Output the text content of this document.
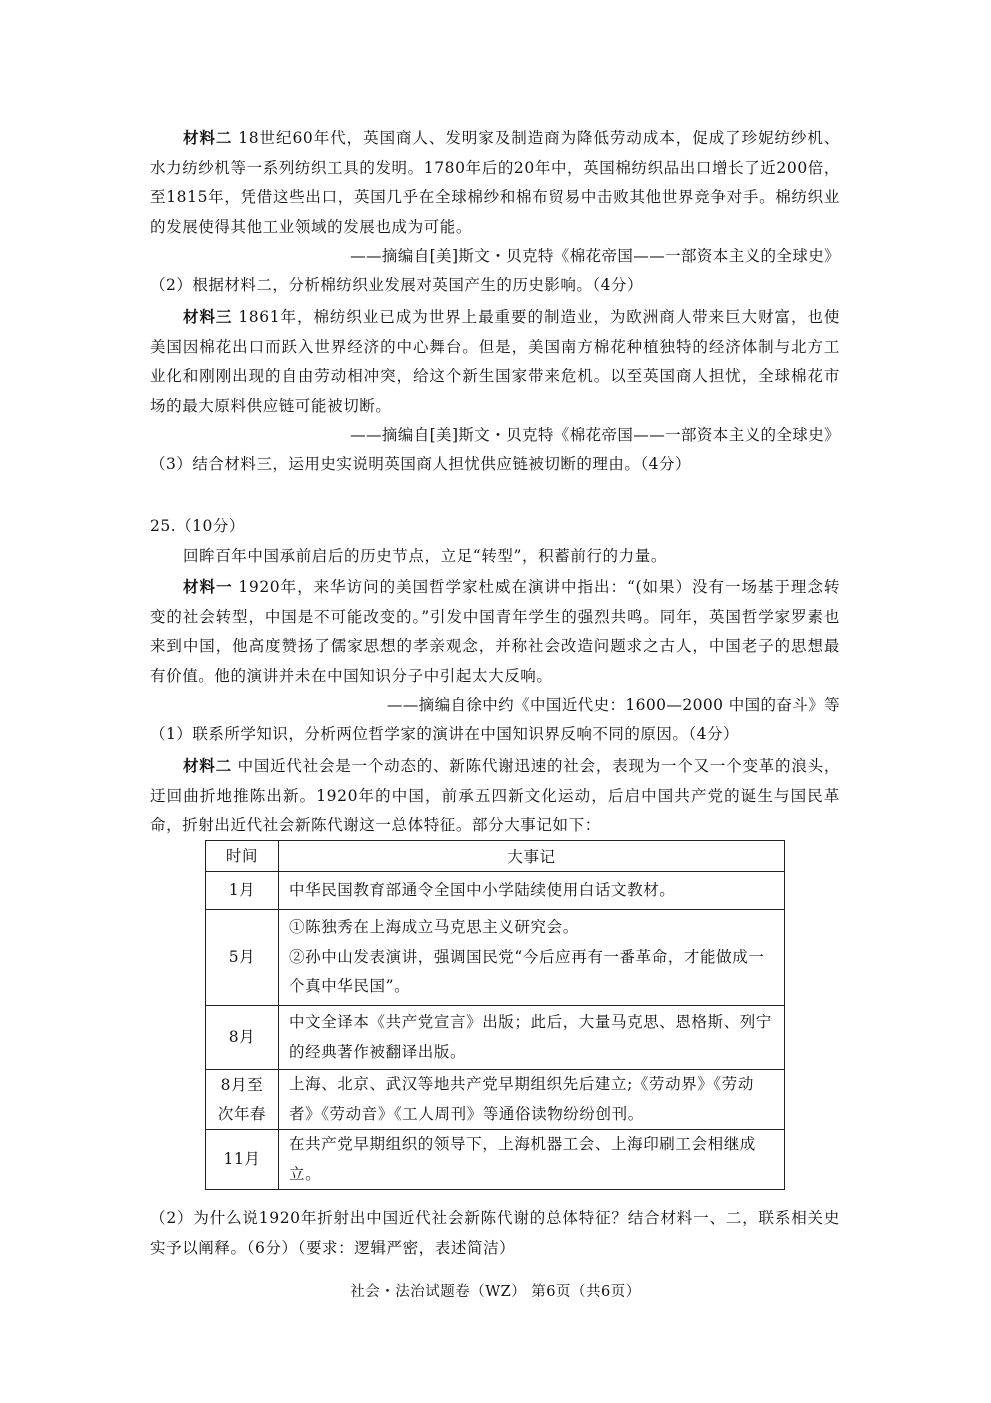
材料二 18世纪60年代，英国商人、发明家及制造商为降低劳动成本，促成了珍妮纺纱机、水力纺纱机等一系列纺织工具的发明。1780年后的20年中，英国棉纺织品出口增长了近200倍，至1815年，凭借这些出口，英国几乎在全球棉纱和棉布贸易中击败其他世界竞争对手。棉纺织业的发展使得其他工业领域的发展也成为可能。
——摘编自[美]斯文・贝克特《棉花帝国——一部资本主义的全球史》
（2）根据材料二，分析棉纺织业发展对英国产生的历史影响。（4分）
材料三 1861年，棉纺织业已成为世界上最重要的制造业，为欧洲商人带来巨大财富，也使美国因棉花出口而跃入世界经济的中心舞台。但是，美国南方棉花种植独特的经济体制与北方工业化和刚刚出现的自由劳动相冲突，给这个新生国家带来危机。以至英国商人担忧，全球棉花市场的最大原料供应链可能被切断。
——摘编自[美]斯文・贝克特《棉花帝国——一部资本主义的全球史》
（3）结合材料三，运用史实说明英国商人担忧供应链被切断的理由。（4分）
25.（10分）
回眸百年中国承前启后的历史节点，立足“转型”，积蓄前行的力量。
材料一 1920年，来华访问的美国哲学家杜威在演讲中指出：“(如果）没有一场基于理念转变的社会转型，中国是不可能改变的。”引发中国青年学生的强烈共鸣。同年，英国哲学家罗素也来到中国，他高度赞扬了儒家思想的孝亲观念，并称社会改造问题求之古人，中国老子的思想最有价值。他的演讲并未在中国知识分子中引起太大反响。
——摘编自徐中约《中国近代史：1600—2000 中国的奋斗》等
（1）联系所学知识，分析两位哲学家的演讲在中国知识界反响不同的原因。（4分）
材料二 中国近代社会是一个动态的、新陈代谢迅速的社会，表现为一个又一个变革的浪头，迂回曲折地推陈出新。1920年的中国，前承五四新文化运动，后启中国共产党的诞生与国民革命，折射出近代社会新陈代谢这一总体特征。部分大事记如下：
时间	大事记
1月	中华民国教育部通令全国中小学陆续使用白话文教材。

5月	①陈独秀在上海成立马克思主义研究会。
②孙中山发表演讲，强调国民党“今后应再有一番革命，才能做成一个真中华民国”。

8月	中文全译本《共产党宣言》出版；此后，大量马克思、恩格斯、列宁的经典著作被翻译出版。

8月至次年春	上海、北京、武汉等地共产党早期组织先后建立;《劳动界》《劳动者》《劳动音》《工人周刊》等通俗读物纷纷创刊。

11月	在共产党早期组织的领导下，上海机器工会、上海印刷工会相继成立。
（2）为什么说1920年折射出中国近代社会新陈代谢的总体特征？结合材料一、二，联系相关史实予以阐释。（6分）（要求：逻辑严密，表述简洁）
社会・法治试题卷（WZ） 第6页（共6页）
